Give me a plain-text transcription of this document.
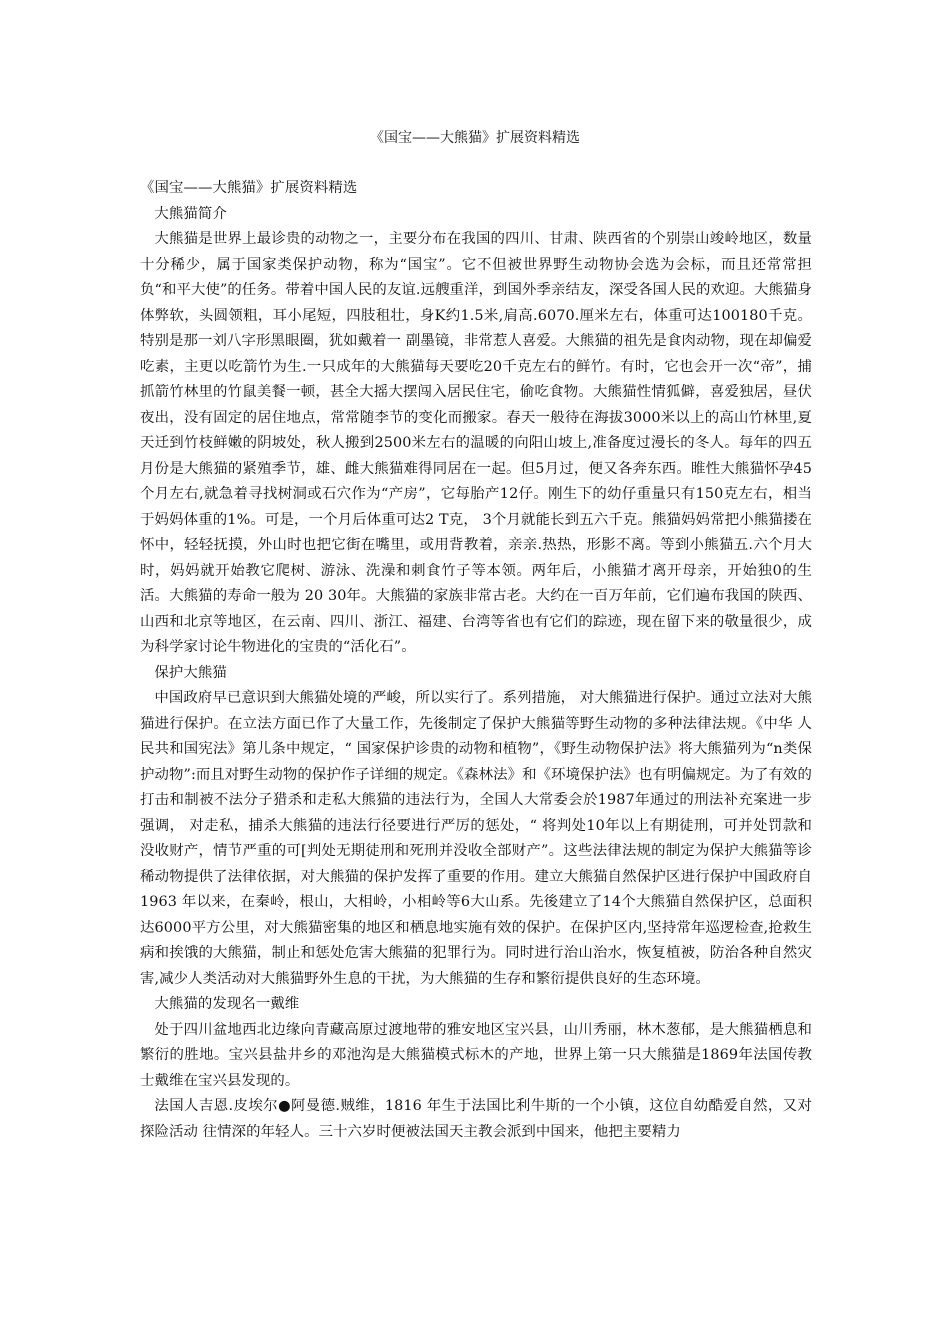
《国宝——大熊猫》扩展资料精选

《国宝——大熊猫》扩展资料精选

大熊猫简介

大熊猫是世界上最诊贵的动物之一，主要分布在我国的四川、甘肃、陕西省的个别崇山竣岭地区，数量十分稀少，属于国家类保护动物，称为“国宝”。它不但被世界野生动物协会选为会标，而且还常常担负“和平大使”的任务。带着中国人民的友谊.远艘重洋，到国外季亲结友，深受各国人民的欢迎。大熊猫身体弊软，头圆领粗，耳小尾短，四肢租壮，身K约1.5米,肩高.6070.厘米左右，体重可达100180千克。特别是那一刘八字形黑眼圈，犹如戴着一 副墨镜，非常惹人喜爱。大熊猫的祖先是食肉动物，现在却偏爱吃素，主更以吃箭竹为生.一只成年的大熊猫每天要吃20千克左右的鲜竹。有时，它也会开一次“帝”，捕抓箭竹林里的竹鼠美餐一顿，甚全大摇大摆闯入居民住宅，偷吃食物。大熊猫性情狐僻，喜爱独居，昼伏夜出，没有固定的居住地点，常常随李节的变化而搬家。春天一般待在海拔3000米以上的高山竹林里,夏天迁到竹枝鲜嫩的阴坡处，秋人搬到2500米左右的温暖的向阳山坡上,准备度过漫长的冬人。每年的四五月份是大熊猫的紧殖季节，雄、雌大熊猫难得同居在一起。但5月过，便又各奔东西。睢性大熊猫怀孕45个月左右,就急着寻找树洞或石穴作为“产房”，它每胎产12仔。刚生下的幼仔重量只有150克左右，相当于妈妈体重的1%。可是，一个月后体重可达2 T克， 3个月就能长到五六千克。熊猫妈妈常把小熊猫搂在怀中，轻轻抚摸，外山时也把它街在嘴里，或用背教着，亲亲.热热，形影不离。等到小熊猫五.六个月大时，妈妈就开始教它爬树、游泳、洗澡和刺食竹子等本领。两年后，小熊猫才离开母亲，开始独0的生活。大熊猫的寿命一般为 20 30年。大熊猫的家族非常古老。大约在一百万年前，它们遍布我国的陕西、山西和北京等地区，在云南、四川、浙江、福建、台湾等省也有它们的踪迹，现在留下来的敬量很少，成为科学家讨论牛物进化的宝贵的“活化石”。

保护大熊猫

中国政府早已意识到大熊猫处境的严峻，所以实行了。系列措施， 对大熊猫进行保护。通过立法对大熊猫进行保护。在立法方面已作了大量工作，先後制定了保护大熊猫等野生动物的多种法律法规。《中华 人民共和国宪法》第儿条中规定，“ 国家保护诊贵的动物和植物”，《野生动物保护法》将大熊猫列为“n类保护动物”:而且对野生动物的保护作子详细的规定。《森林法》和《环境保护法》也有明偏规定。为了有效的打击和制被不法分子猎杀和走私大熊猫的违法行为，全国人大常委会於1987年通过的刑法补充案进一步强调， 对走私，捕杀大熊猫的违法行径要进行严厉的惩处，“ 将判处10年以上有期徒刑，可并处罚款和没收财产，情节严重的可[判处无期徒刑和死刑并没收全部财产”。这些法律法规的制定为保护大熊猫等诊稀动物提供了法律依据，对大熊猫的保护发挥了重要的作用。建立大熊猫自然保护区进行保护中国政府自1963 年以来，在秦岭，根山，大相岭，小相岭等6大山系。先後建立了14个大熊猫自然保护区，总面积达6000平方公里，对大熊猫密集的地区和栖息地实施有效的保护。在保护区内,坚持常年巡逻检查,抢救生病和挨饿的大熊猫，制止和惩处危害大熊猫的犯罪行为。同时进行治山治水，恢复植被，防治各种自然灾害,减少人类活动对大熊猫野外生息的干扰，为大熊猫的生存和繁衍提供良好的生态环境。

大熊猫的发现名一戴维

处于四川盆地西北边缘向青藏高原过渡地带的雅安地区宝兴县，山川秀丽，林木葱郁，是大熊猫栖息和繁衍的胜地。宝兴县盐井乡的邓池沟是大熊猫模式标木的产地，世界上第一只大熊猫是1869年法国传教士戴维在宝兴县发现的。

法国人吉恩.皮埃尔●阿曼德.贼维，1816 年生于法国比利牛斯的一个小镇，这位自幼酷爱自然，又对探险活动 往情深的年轻人。三十六岁时便被法国天主教会派到中国来，他把主要精力
